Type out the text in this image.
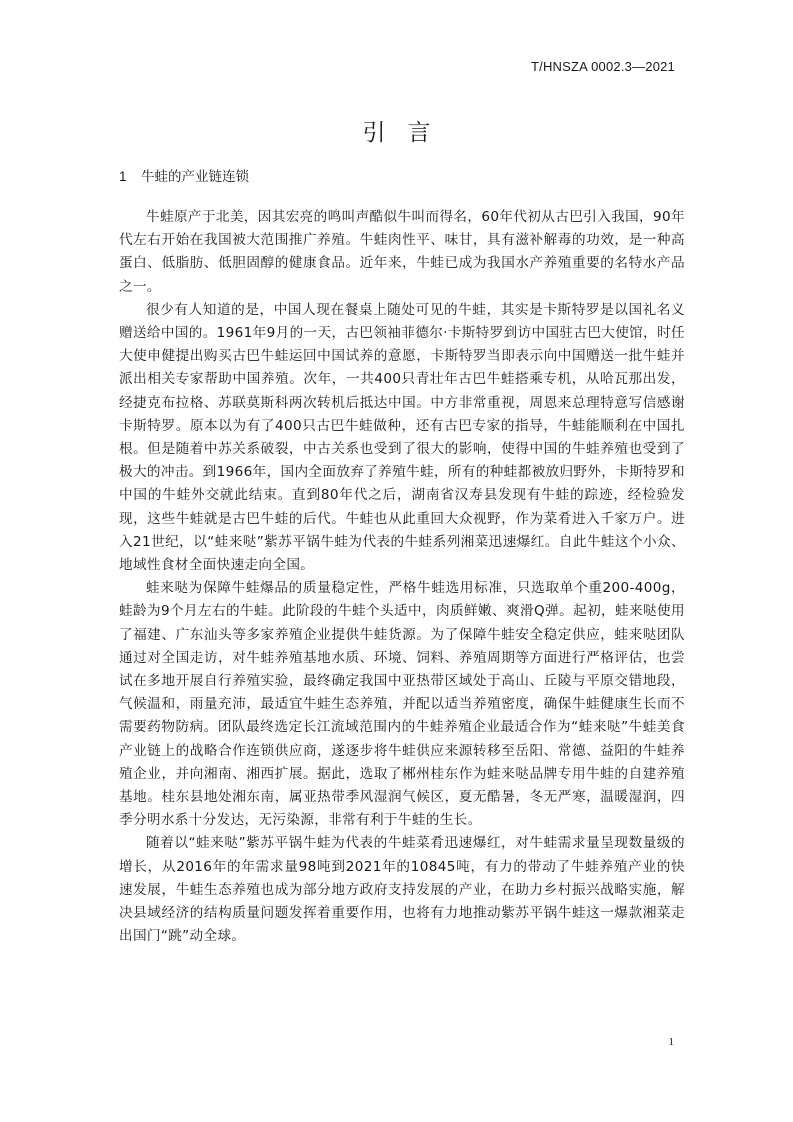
T/HNSZA 0002.3—2021
引言
1 牛蛙的产业链连锁

牛蛙原产于北美，因其宏亮的鸣叫声酷似牛叫而得名，60年代初从古巴引入我国，90年代左右开始在我国被大范围推广养殖。牛蛙肉性平、味甘，具有滋补解毒的功效，是一种高蛋白、低脂肪、低胆固醇的健康食品。近年来，牛蛙已成为我国水产养殖重要的名特水产品之一。

很少有人知道的是，中国人现在餐桌上随处可见的牛蛙，其实是卡斯特罗是以国礼名义赠送给中国的。1961年9月的一天，古巴领袖菲德尔·卡斯特罗到访中国驻古巴大使馆，时任大使申健提出购买古巴牛蛙运回中国试养的意愿，卡斯特罗当即表示向中国赠送一批牛蛙并派出相关专家帮助中国养殖。次年，一共400只青壮年古巴牛蛙搭乘专机，从哈瓦那出发，经捷克布拉格、苏联莫斯科两次转机后抵达中国。中方非常重视，周恩来总理特意写信感谢卡斯特罗。原本以为有了400只古巴牛蛙做种，还有古巴专家的指导，牛蛙能顺利在中国扎根。但是随着中苏关系破裂，中古关系也受到了很大的影响，使得中国的牛蛙养殖也受到了极大的冲击。到1966年，国内全面放弃了养殖牛蛙，所有的种蛙都被放归野外，卡斯特罗和中国的牛蛙外交就此结束。直到80年代之后，湖南省汉寿县发现有牛蛙的踪迹，经检验发现，这些牛蛙就是古巴牛蛙的后代。牛蛙也从此重回大众视野，作为菜肴进入千家万户。进入21世纪，以“蛙来哒”紫苏平锅牛蛙为代表的牛蛙系列湘菜迅速爆红。自此牛蛙这个小众、地域性食材全面快速走向全国。

蛙来哒为保障牛蛙爆品的质量稳定性，严格牛蛙选用标准，只选取单个重200-400g，蛙龄为9个月左右的牛蛙。此阶段的牛蛙个头适中，肉质鲜嫩、爽滑Q弹。起初，蛙来哒使用了福建、广东汕头等多家养殖企业提供牛蛙货源。为了保障牛蛙安全稳定供应，蛙来哒团队通过对全国走访，对牛蛙养殖基地水质、环境、饲料、养殖周期等方面进行严格评估，也尝试在多地开展自行养殖实验，最终确定我国中亚热带区域处于高山、丘陵与平原交错地段，气候温和，雨量充沛，最适宜牛蛙生态养殖，并配以适当养殖密度，确保牛蛙健康生长而不需要药物防病。团队最终选定长江流域范围内的牛蛙养殖企业最适合作为“蛙来哒”牛蛙美食产业链上的战略合作连锁供应商，遂逐步将牛蛙供应来源转移至岳阳、常德、益阳的牛蛙养殖企业，并向湘南、湘西扩展。据此，选取了郴州桂东作为蛙来哒品牌专用牛蛙的自建养殖基地。桂东县地处湘东南，属亚热带季风湿润气候区，夏无酷暑，冬无严寒，温暖湿润，四季分明水系十分发达，无污染源，非常有利于牛蛙的生长。

随着以“蛙来哒”紫苏平锅牛蛙为代表的牛蛙菜肴迅速爆红，对牛蛙需求量呈现数量级的增长，从2016年的年需求量98吨到2021年的10845吨，有力的带动了牛蛙养殖产业的快速发展，牛蛙生态养殖也成为部分地方政府支持发展的产业，在助力乡村振兴战略实施，解决县域经济的结构质量问题发挥着重要作用，也将有力地推动紫苏平锅牛蛙这一爆款湘菜走出国门“跳”动全球。

1
